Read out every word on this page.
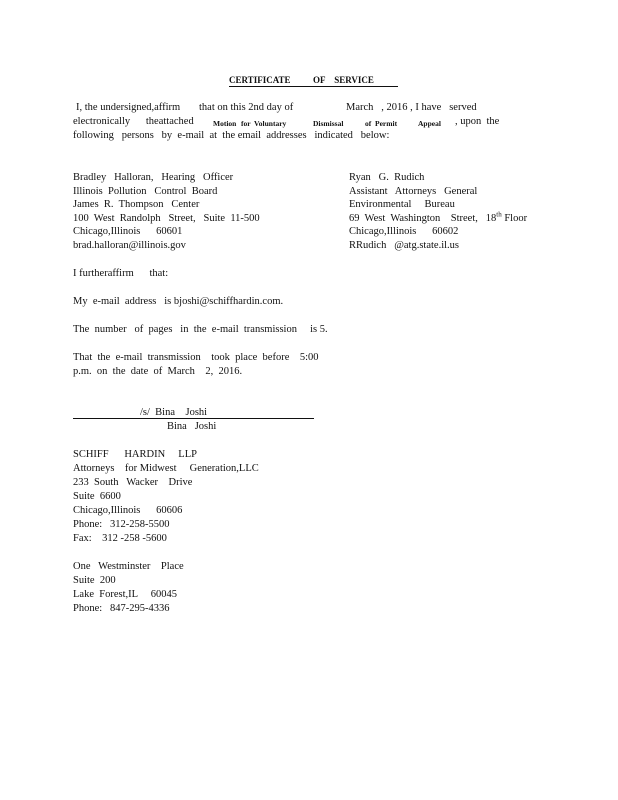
CERTIFICATE          OF    SERVICE
I, the undersigned,affirm that on this 2nd day of	March   , 2016 , I have   served
electronically      theattached	Motion for  Voluntary	Dismissal	of  Permit	Appeal , upon  the
following   persons   by  e-mail  at  the email  addresses   indicated   below:
Bradley   Halloran,   Hearing   Officer
Illinois  Pollution   Control  Board
James  R.  Thompson   Center
100  West  Randolph   Street,   Suite  11-500
Chicago,Illinois      60601
brad.halloran@illinois.gov
Ryan   G.  Rudich
Assistant   Attorneys   General
Environmental     Bureau
69  West  Washington    Street,   18th Floor
Chicago,Illinois      60602
RRudich   @atg.state.il.us
I furtheraffirm      that:
My  e-mail  address   is bjoshi@schiffhardin.com.
The  number   of  pages   in  the  e-mail  transmission     is 5.
That  the  e-mail  transmission    took  place  before    5:00
p.m.  on  the  date  of  March    2,  2016.
/s/  Bina    Joshi
Bina   Joshi
SCHIFF      HARDIN     LLP
Attorneys    for Midwest     Generation,LLC
233  South   Wacker    Drive
Suite  6600
Chicago,Illinois      60606
Phone:   312-258-5500
Fax:    312 -258 -5600
One   Westminster    Place
Suite  200
Lake  Forest,IL     60045
Phone:   847-295-4336
